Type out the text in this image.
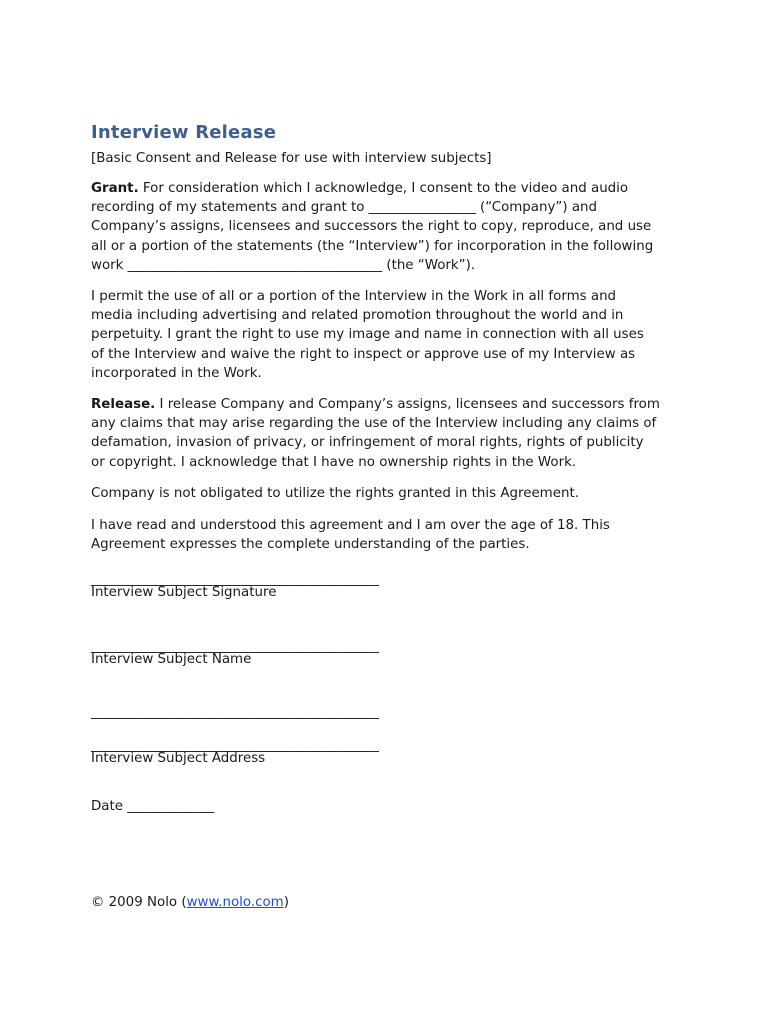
Interview Release
[Basic Consent and Release for use with interview subjects]
Grant. For consideration which I acknowledge, I consent to the video and audio
recording of my statements and grant to ________________ (“Company”) and
Company’s assigns, licensees and successors the right to copy, reproduce, and use
all or a portion of the statements (the “Interview”) for incorporation in the following
work ______________________________________ (the “Work”).
I permit the use of all or a portion of the Interview in the Work in all forms and
media including advertising and related promotion throughout the world and in
perpetuity. I grant the right to use my image and name in connection with all uses
of the Interview and waive the right to inspect or approve use of my Interview as
incorporated in the Work.
Release. I release Company and Company’s assigns, licensees and successors from
any claims that may arise regarding the use of the Interview including any claims of
defamation, invasion of privacy, or infringement of moral rights, rights of publicity
or copyright. I acknowledge that I have no ownership rights in the Work.
Company is not obligated to utilize the rights granted in this Agreement.
I have read and understood this agreement and I am over the age of 18. This
Agreement expresses the complete understanding of the parties.
___________________________________________
Interview Subject Signature
___________________________________________
Interview Subject Name
___________________________________________
___________________________________________
Interview Subject Address
Date _____________
© 2009 Nolo (www.nolo.com)
